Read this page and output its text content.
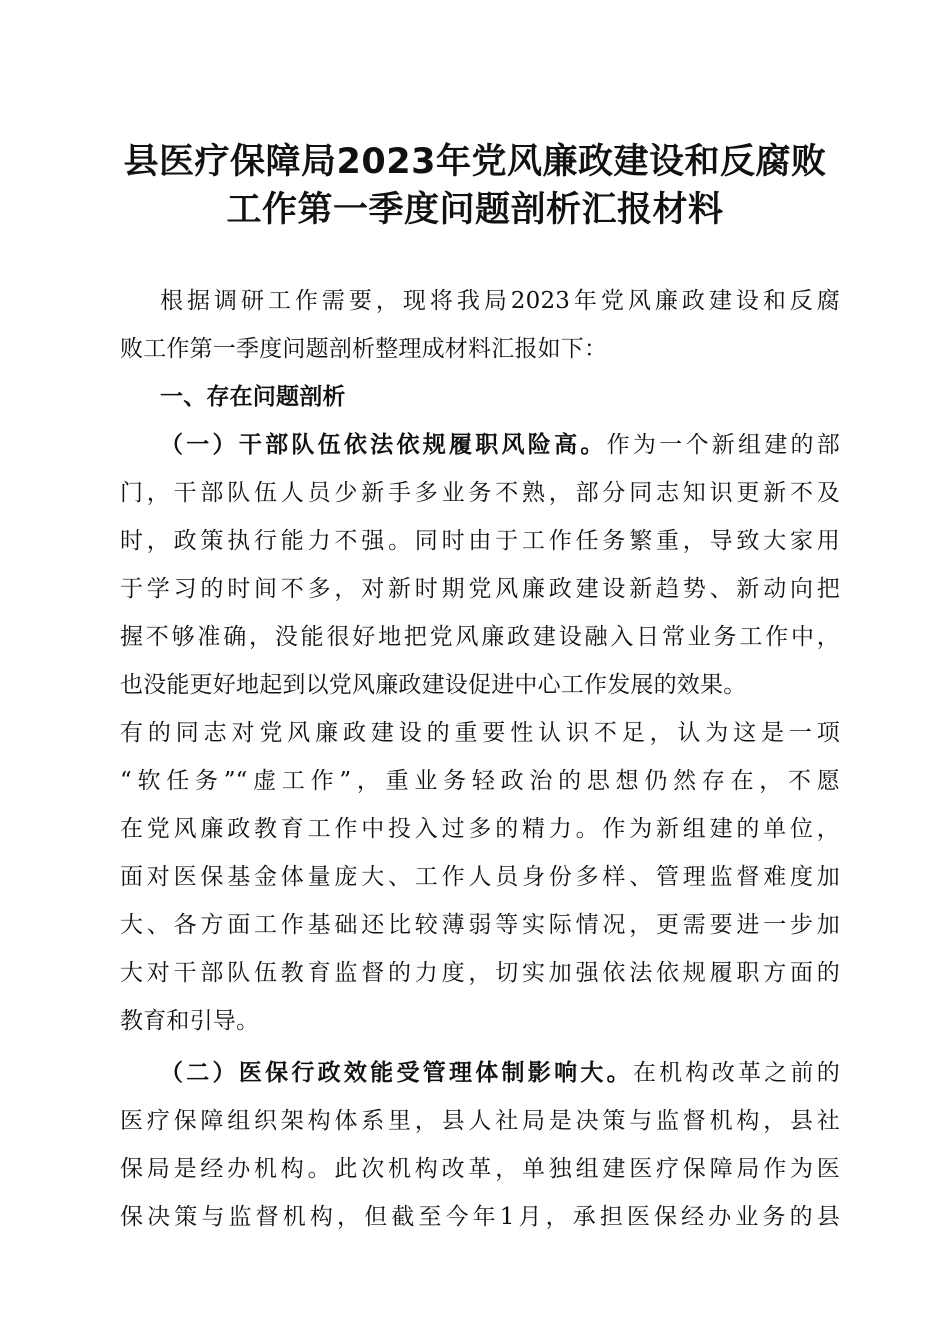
县医疗保障局2023年党风廉政建设和反腐败
工作第一季度问题剖析汇报材料
根据调研工作需要，现将我局2023年党风廉政建设和反腐
败工作第一季度问题剖析整理成材料汇报如下：
一、存在问题剖析
（一）干部队伍依法依规履职风险高。作为一个新组建的部
门，干部队伍人员少新手多业务不熟，部分同志知识更新不及
时，政策执行能力不强。同时由于工作任务繁重，导致大家用
于学习的时间不多，对新时期党风廉政建设新趋势、新动向把
握不够准确，没能很好地把党风廉政建设融入日常业务工作中，
也没能更好地起到以党风廉政建设促进中心工作发展的效果。
有的同志对党风廉政建设的重要性认识不足，认为这是一项
“软任务”“虚工作”，重业务轻政治的思想仍然存在，不愿
在党风廉政教育工作中投入过多的精力。作为新组建的单位，
面对医保基金体量庞大、工作人员身份多样、管理监督难度加
大、各方面工作基础还比较薄弱等实际情况，更需要进一步加
大对干部队伍教育监督的力度，切实加强依法依规履职方面的
教育和引导。
（二）医保行政效能受管理体制影响大。在机构改革之前的
医疗保障组织架构体系里，县人社局是决策与监督机构，县社
保局是经办机构。此次机构改革，单独组建医疗保障局作为医
保决策与监督机构，但截至今年1月，承担医保经办业务的县
